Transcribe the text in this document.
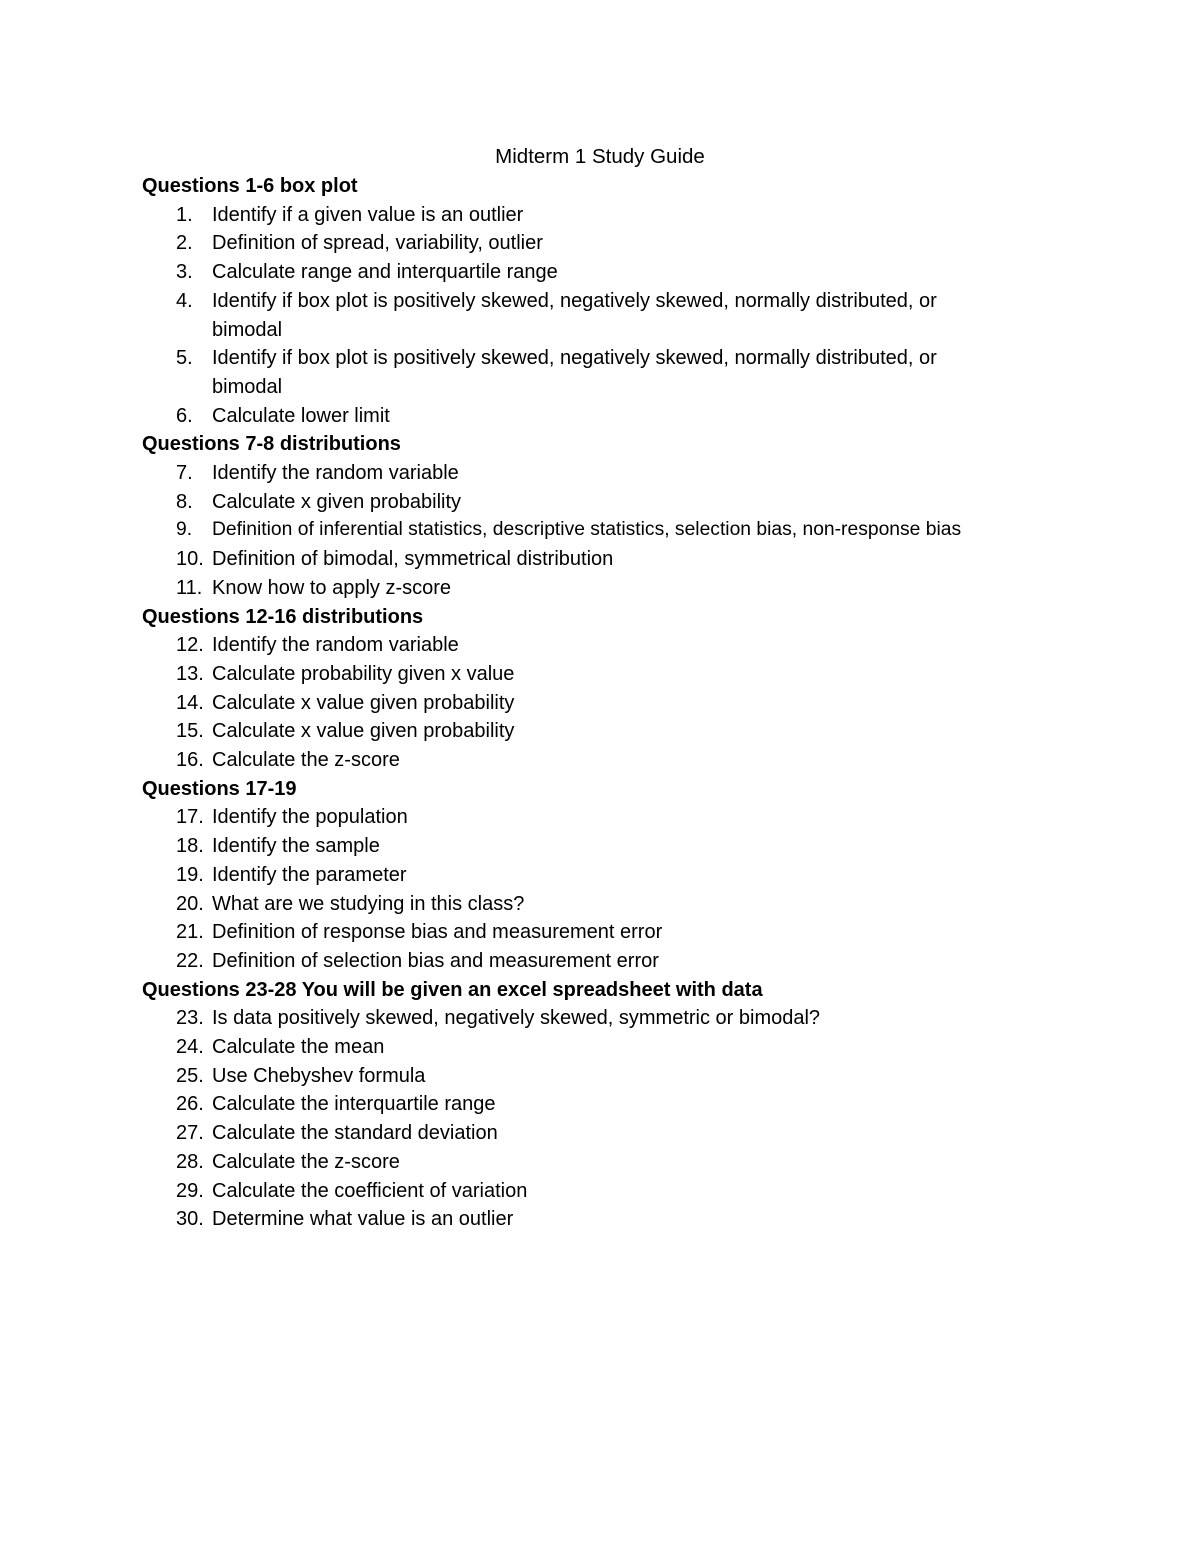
Midterm 1 Study Guide
Questions 1-6 box plot
1. Identify if a given value is an outlier
2. Definition of spread, variability, outlier
3. Calculate range and interquartile range
4. Identify if box plot is positively skewed, negatively skewed, normally distributed, or bimodal
5. Identify if box plot is positively skewed, negatively skewed, normally distributed, or bimodal
6. Calculate lower limit
Questions 7-8 distributions
7. Identify the random variable
8. Calculate x given probability
9. Definition of inferential statistics, descriptive statistics, selection bias, non-response bias
10. Definition of bimodal, symmetrical distribution
11. Know how to apply z-score
Questions 12-16 distributions
12. Identify the random variable
13. Calculate probability given x value
14. Calculate x value given probability
15. Calculate x value given probability
16. Calculate the z-score
Questions 17-19
17. Identify the population
18. Identify the sample
19. Identify the parameter
20. What are we studying in this class?
21. Definition of response bias and measurement error
22. Definition of selection bias and measurement error
Questions 23-28 You will be given an excel spreadsheet with data
23. Is data positively skewed, negatively skewed, symmetric or bimodal?
24. Calculate the mean
25. Use Chebyshev formula
26. Calculate the interquartile range
27. Calculate the standard deviation
28. Calculate the z-score
29. Calculate the coefficient of variation
30. Determine what value is an outlier
